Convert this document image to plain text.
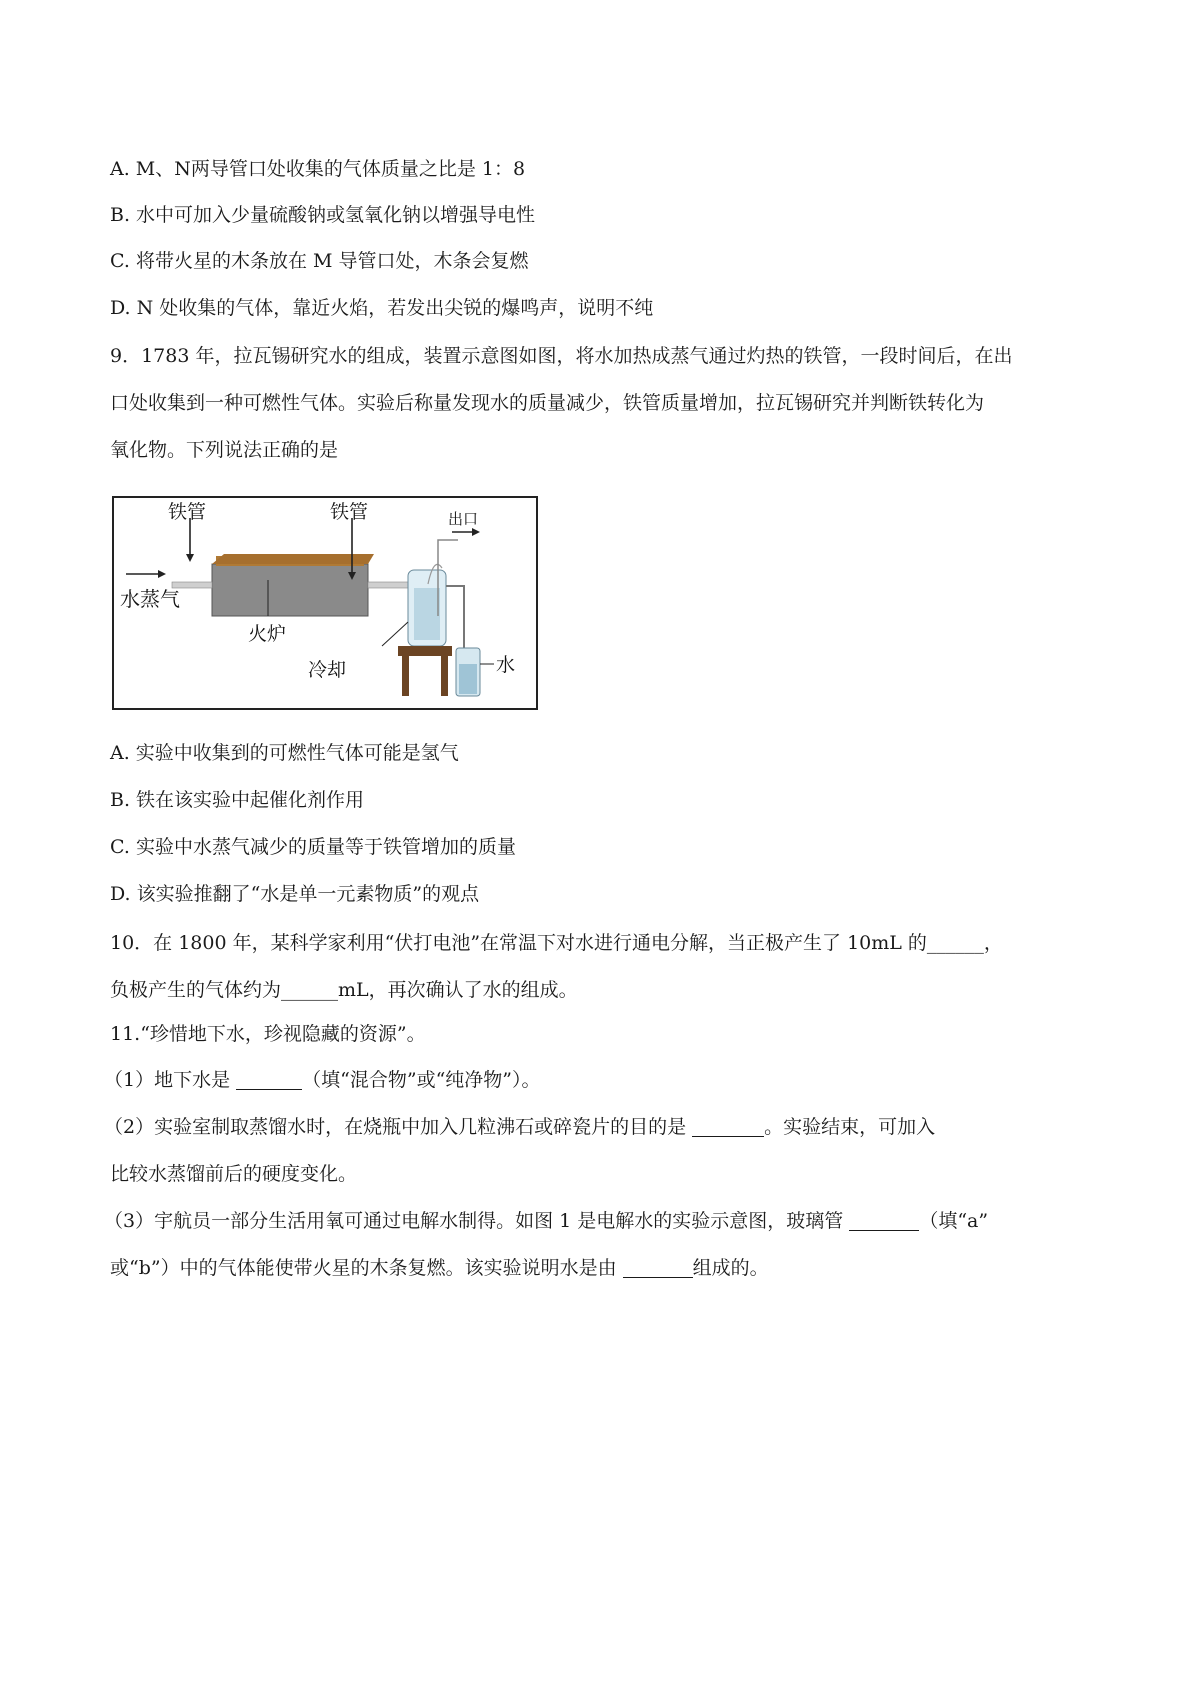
A. M、N两导管口处收集的气体质量之比是 1：8
B. 水中可加入少量硫酸钠或氢氧化钠以增强导电性
C. 将带火星的木条放在 M 导管口处，木条会复燃
D. N 处收集的气体，靠近火焰，若发出尖锐的爆鸣声，说明不纯
9．1783 年，拉瓦锡研究水的组成，装置示意图如图，将水加热成蒸气通过灼热的铁管，一段时间后，在出
口处收集到一种可燃性气体。实验后称量发现水的质量减少，铁管质量增加，拉瓦锡研究并判断铁转化为
氧化物。下列说法正确的是
铁管	铁管	出口
水蒸气
火炉
冷却	水
A. 实验中收集到的可燃性气体可能是氢气
B. 铁在该实验中起催化剂作用
C. 实验中水蒸气减少的质量等于铁管增加的质量
D. 该实验推翻了“水是单一元素物质”的观点
10．在 1800 年，某科学家利用“伏打电池”在常温下对水进行通电分解，当正极产生了 10mL 的______，
负极产生的气体约为______mL，再次确认了水的组成。
11.“珍惜地下水，珍视隐藏的资源”。
（1）地下水是	（填“混合物”或“纯净物”）。
（2）实验室制取蒸馏水时，在烧瓶中加入几粒沸石或碎瓷片的目的是	。实验结束，可加入
比较水蒸馏前后的硬度变化。
（3）宇航员一部分生活用氧可通过电解水制得。如图 1 是电解水的实验示意图，玻璃管	（填“a”
或“b”）中的气体能使带火星的木条复燃。该实验说明水是由	组成的。
